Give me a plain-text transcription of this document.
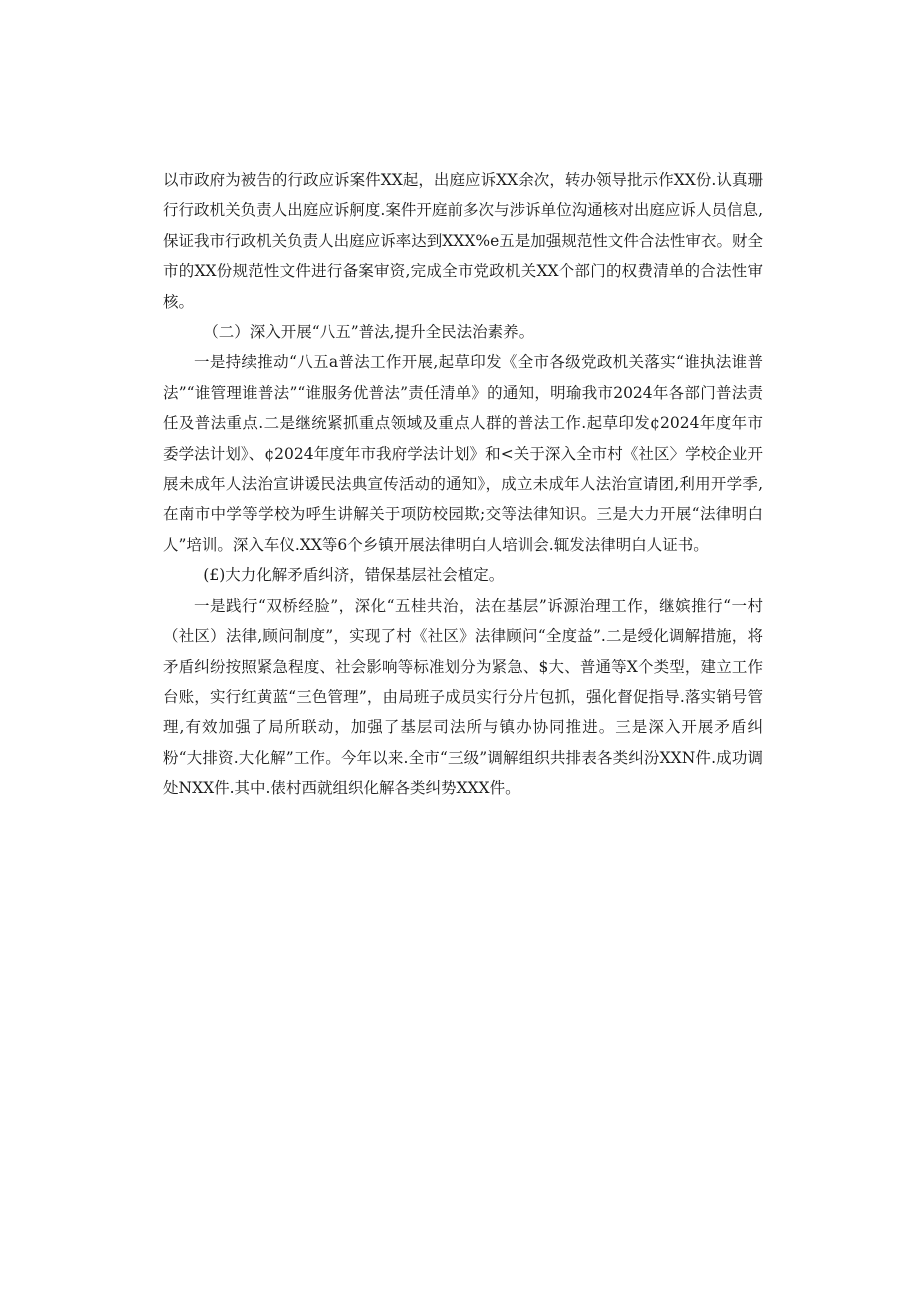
以市政府为被告的行政应诉案件XX起，出庭应诉XX余次，转办领导批示作XX份.认真珊行行政机关负责人出庭应诉舸度.案件开庭前多次与涉诉单位沟通核对出庭应诉人员信息,保证我市行政机关负责人出庭应诉率达到XXX%e五是加强规范性文件合法性审衣。财全市的XX份规范性文件进行备案审资,完成全市党政机关XX个部门的权费清单的合法性审核。

（二）深入开展“八五”普法,提升全民法治素养。

一是持续推动“八五a普法工作开展,起草印发《全市各级党政机关落实“谁执法谁普法”“谁管理谁普法”“谁服务优普法”责任清单》的通知，明瑜我市2024年各部门普法责任及普法重点.二是继统紧抓重点领域及重点人群的普法工作.起草印发¢2024年度年市委学法计划》、¢2024年度年市我府学法计划》和<关于深入全市村《社区〉学校企业开展未成年人法治宣讲谖民法典宣传活动的通知》，成立未成年人法治宣请团,利用开学季,在南市中学等学校为呼生讲解关于项防校园欺;交等法律知识。三是大力开展“法律明白人”培训。深入车仪.XX等6个乡镇开展法律明白人培训会.辄发法律明白人证书。

(£)大力化解矛盾纠济，错保基层社会植定。

一是践行“双桥经脸”，深化“五桂共治，法在基层”诉源治理工作，继嫔推行“一村（社区）法律,顾问制度”，实现了村《社区》法律顾问“全度益”.二是绶化调解措施，将矛盾纠纷按照紧急程度、社会影响等标准划分为紧急、$大、普通等X个类型，建立工作台账，实行红黄蓝“三色管理”，由局班子成员实行分片包抓，强化督促指导.落实销号管理,有效加强了局所联动，加强了基层司法所与镇办协同推进。三是深入开展矛盾纠粉“大排资.大化解”工作。今年以来.全市“三级”调解组织共排表各类纠汾XXN件.成功调处NXX件.其中.俵村西就组织化解各类纠势XXX件。
